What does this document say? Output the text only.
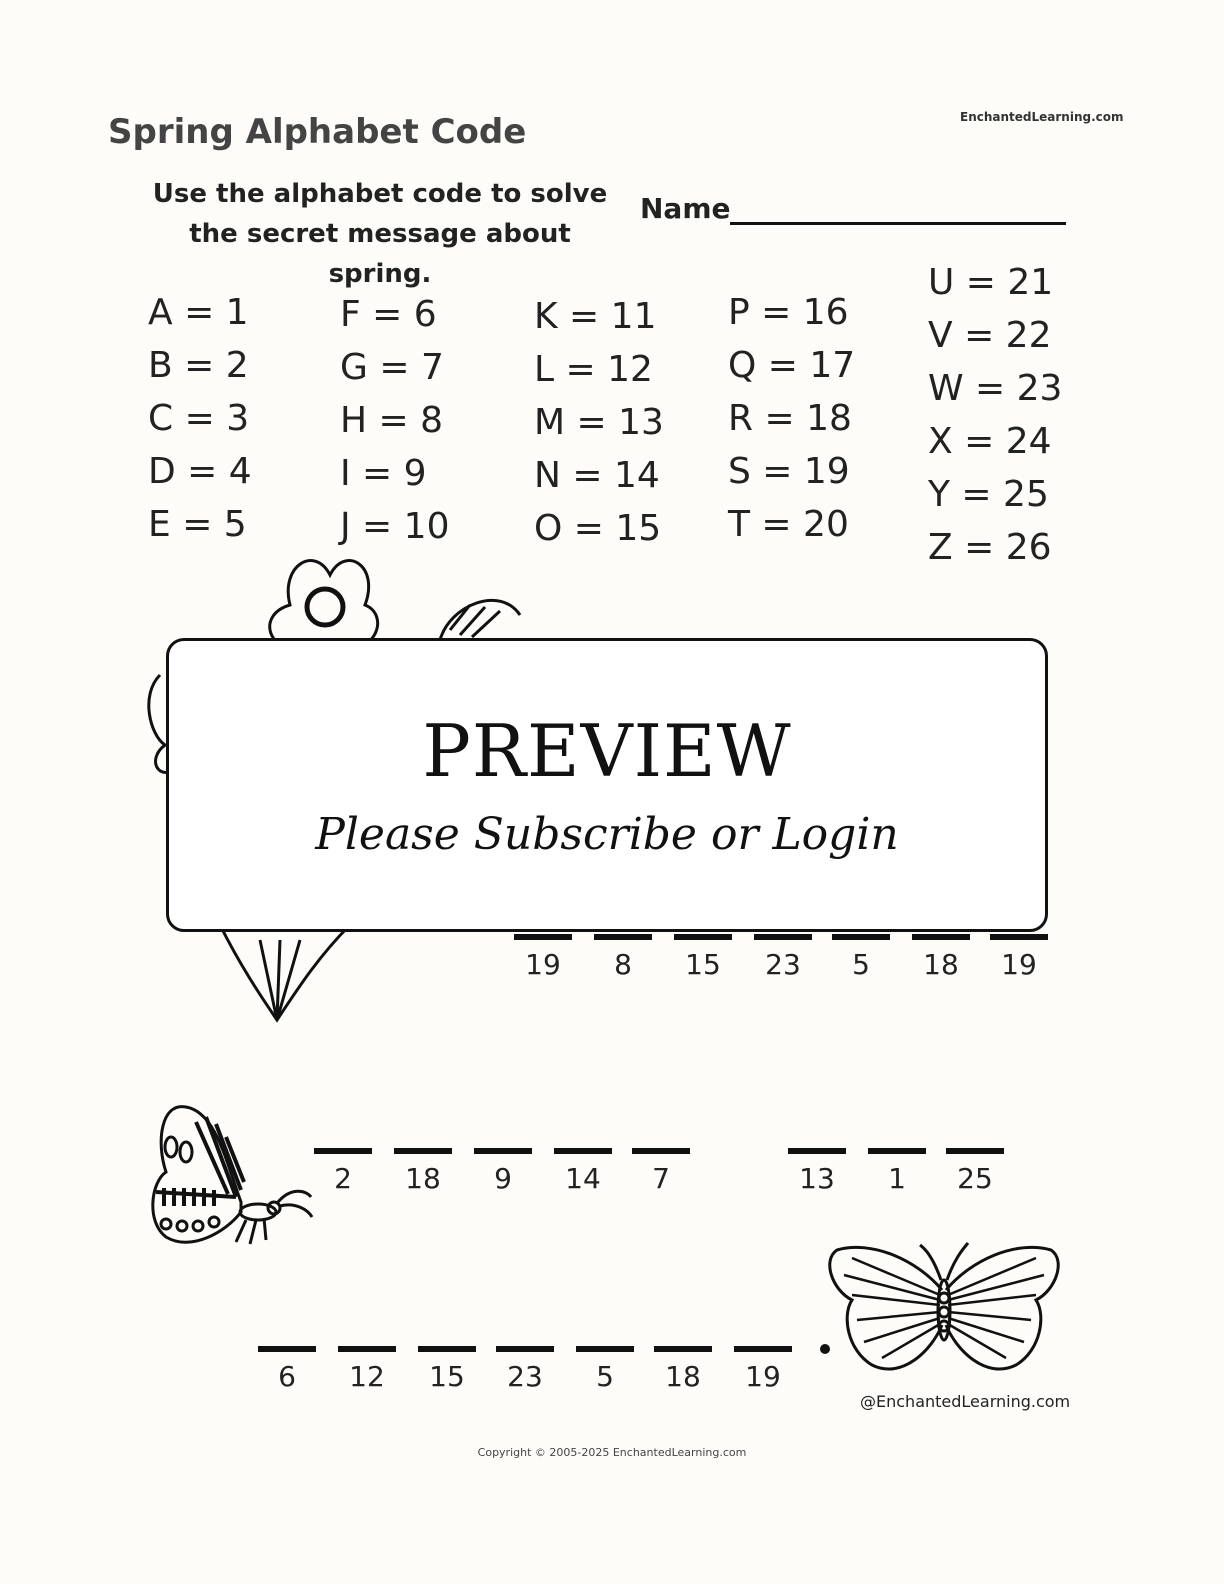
Spring Alphabet Code	EnchantedLearning.com
Use the alphabet code to solve
the secret message about spring.
Name
A = 1
B = 2
C = 3
D = 4
E = 5
F = 6
G = 7
H = 8
I = 9
J = 10
K = 11
L = 12
M = 13
N = 14
O = 15
P = 16
Q = 17
R = 18
S = 19
T = 20
U = 21
V = 22
W = 23
X = 24
Y = 25
Z = 26
19	8	15	23	5	18	19
2	18	9	14	7	13	1	25
6	12	15	23	5	18	19
PREVIEW
Please Subscribe or Login
@EnchantedLearning.com
Copyright © 2005-2025 EnchantedLearning.com
